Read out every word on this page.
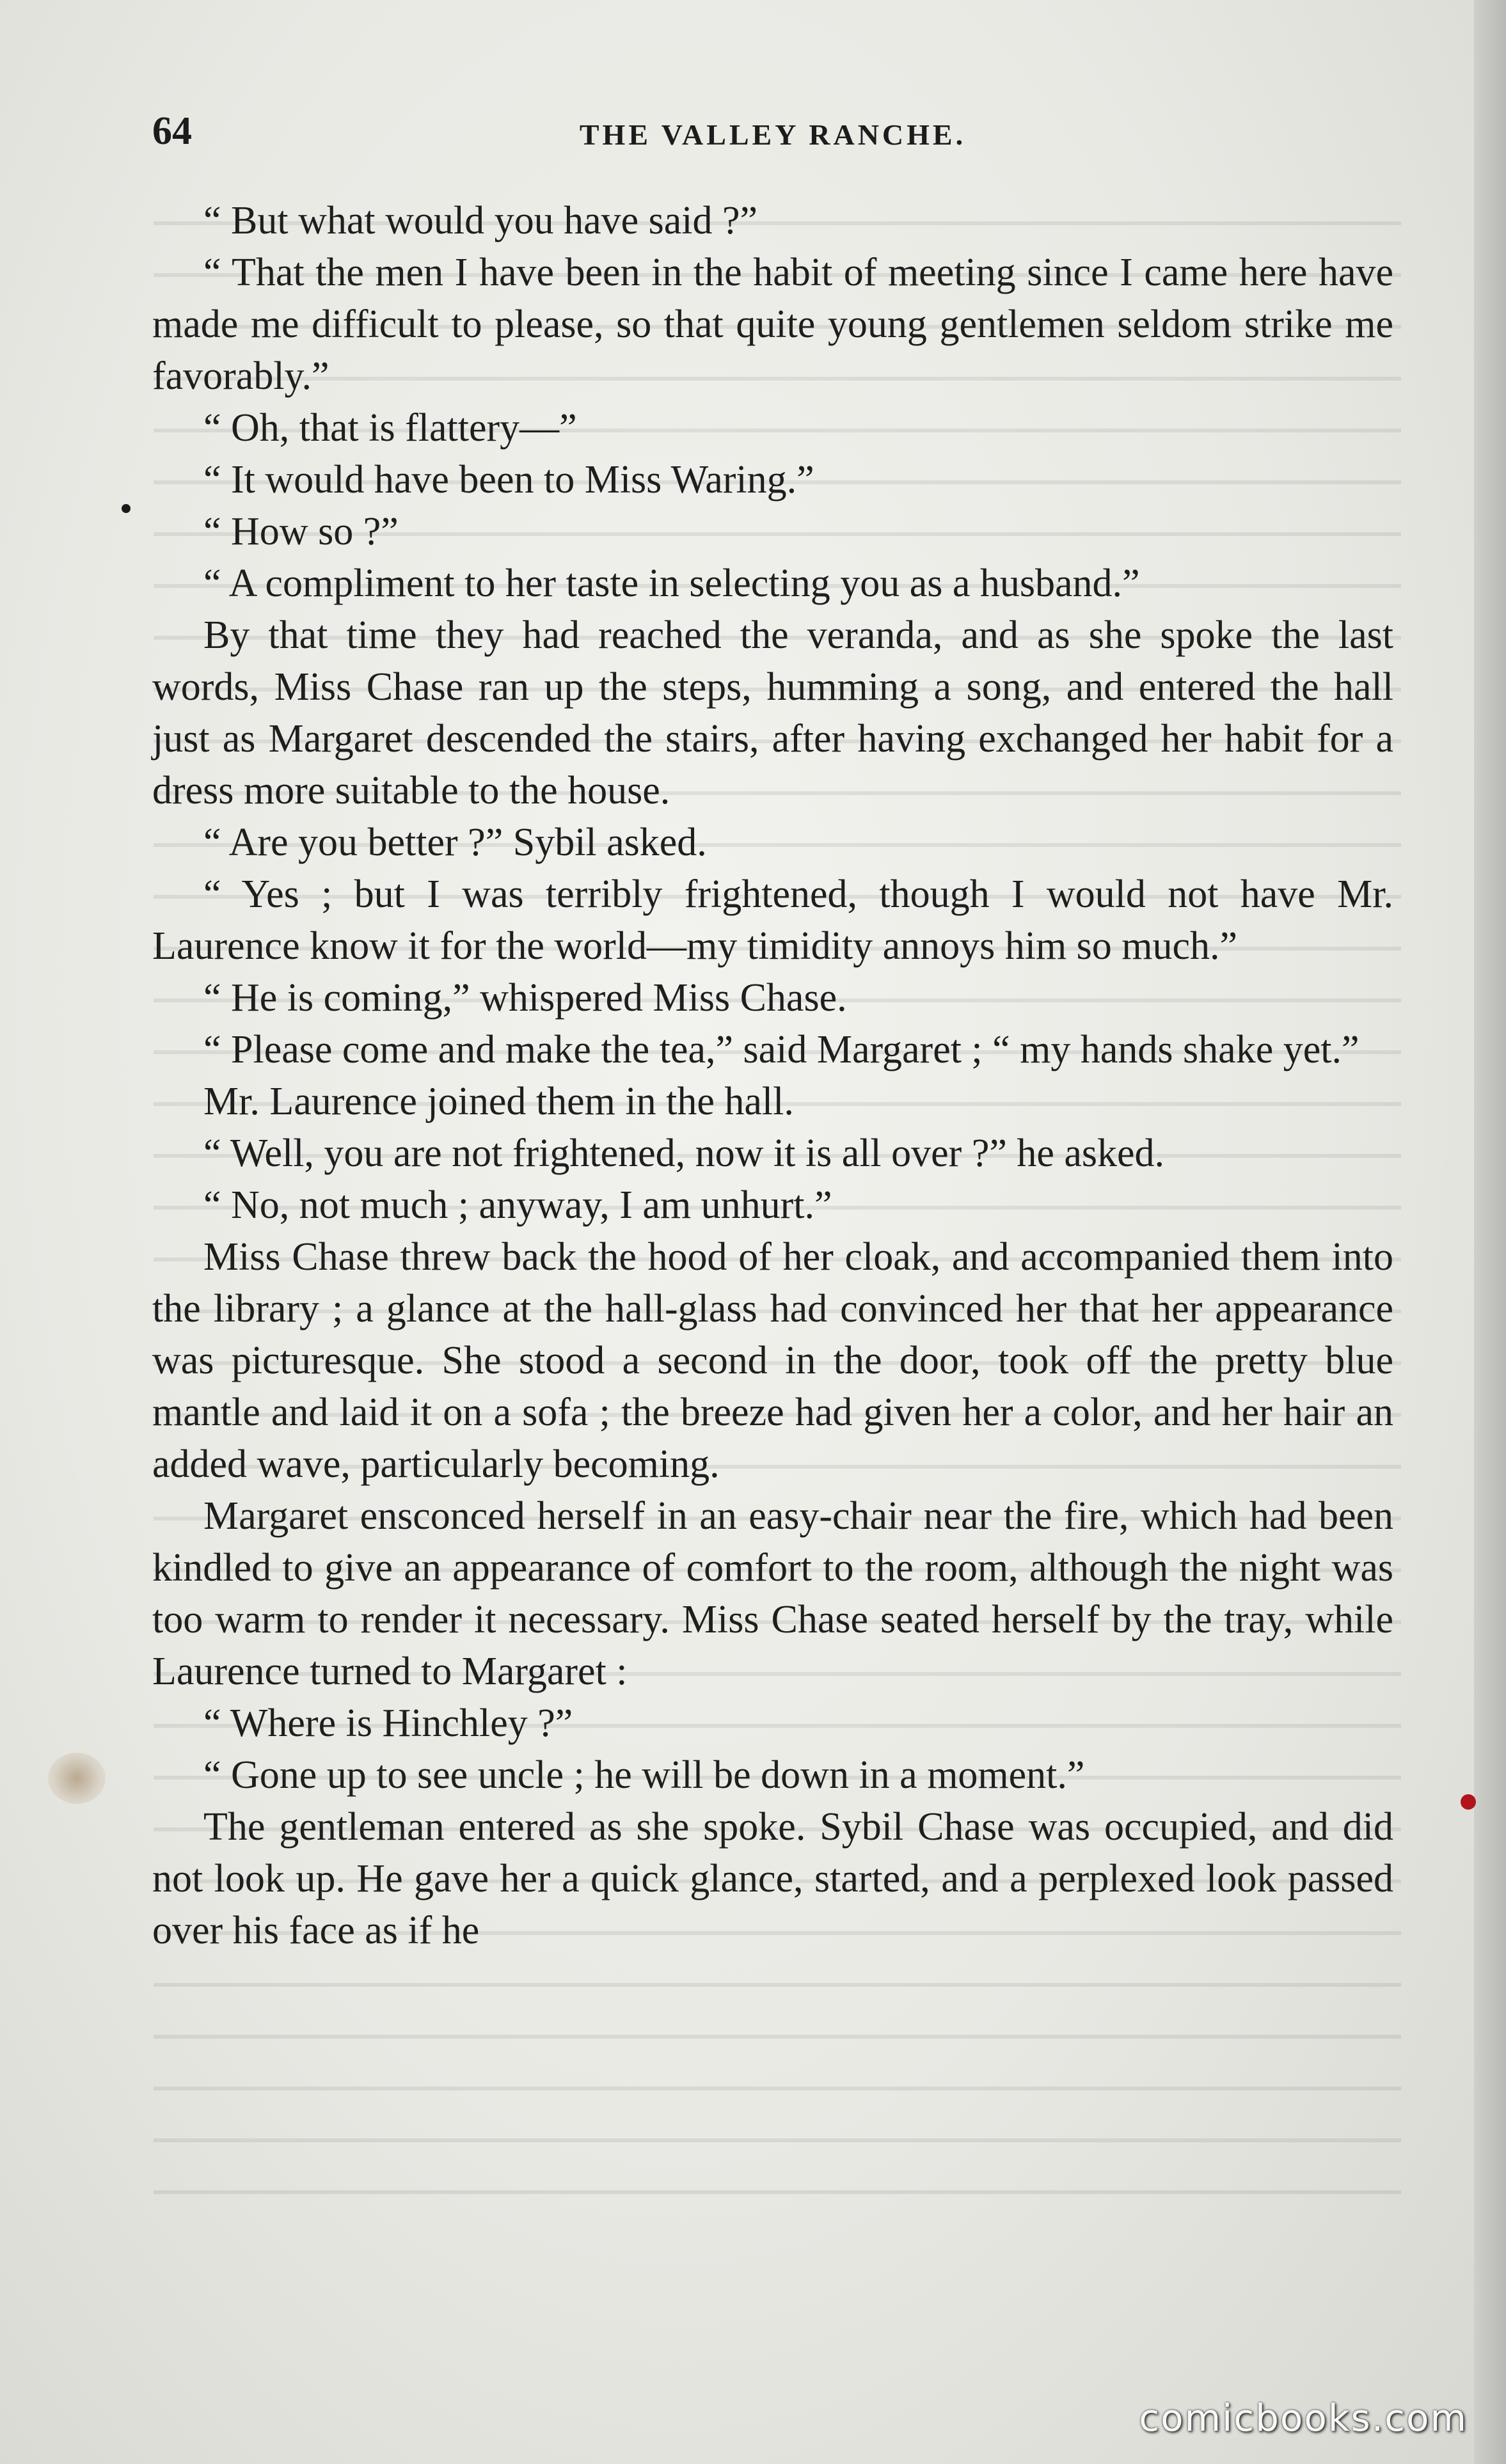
64	THE VALLEY RANCHE.

“ But what would you have said ?”

“ That the men I have been in the habit of meeting since I came here have made me difficult to please, so that quite young gentlemen seldom strike me favorably.”

“ Oh, that is flattery—”

“ It would have been to Miss Waring.”

“ How so ?”

“ A compliment to her taste in selecting you as a husband.”

By that time they had reached the veranda, and as she spoke the last words, Miss Chase ran up the steps, humming a song, and entered the hall just as Margaret descended the stairs, after having exchanged her habit for a dress more suitable to the house.

“ Are you better ?” Sybil asked.

“ Yes ; but I was terribly frightened, though I would not have Mr. Laurence know it for the world—my timidity annoys him so much.”

“ He is coming,” whispered Miss Chase.

“ Please come and make the tea,” said Margaret ; “ my hands shake yet.”

Mr. Laurence joined them in the hall.

“ Well, you are not frightened, now it is all over ?” he asked.

“ No, not much ; anyway, I am unhurt.”

Miss Chase threw back the hood of her cloak, and accompanied them into the library ; a glance at the hall-glass had convinced her that her appearance was picturesque. She stood a second in the door, took off the pretty blue mantle and laid it on a sofa ; the breeze had given her a color, and her hair an added wave, particularly becoming.

Margaret ensconced herself in an easy-chair near the fire, which had been kindled to give an appearance of comfort to the room, although the night was too warm to render it necessary. Miss Chase seated herself by the tray, while Laurence turned to Margaret :

“ Where is Hinchley ?”

“ Gone up to see uncle ; he will be down in a moment.”

The gentleman entered as she spoke. Sybil Chase was occupied, and did not look up. He gave her a quick glance, started, and a perplexed look passed over his face as if he

comicbooks.com
